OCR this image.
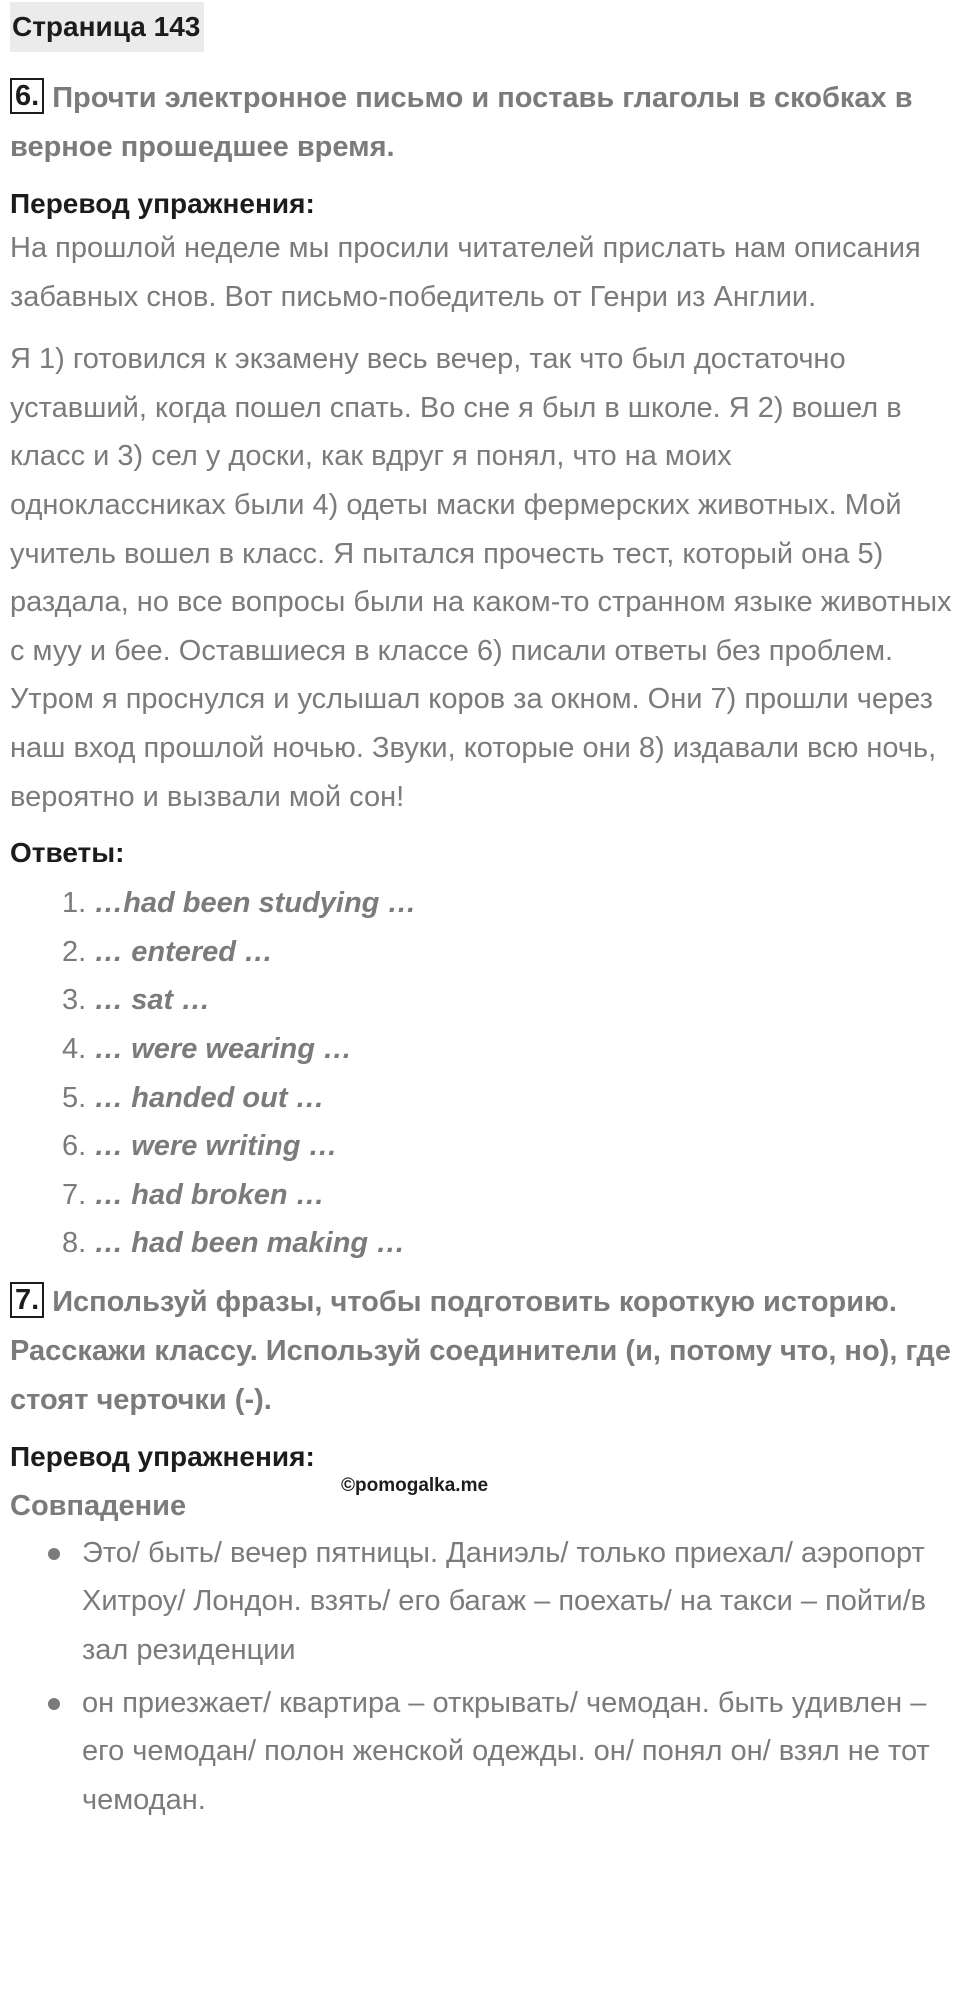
Страница 143
6. Прочти электронное письмо и поставь глаголы в скобках в верное прошедшее время.
Перевод упражнения:

На прошлой неделе мы просили читателей прислать нам описания забавных снов. Вот письмо-победитель от Генри из Англии.

Я 1) готовился к экзамену весь вечер, так что был достаточно уставший, когда пошел спать. Во сне я был в школе. Я 2) вошел в класс и 3) сел у доски, как вдруг я понял, что на моих одноклассниках были 4) одеты маски фермерских животных. Мой учитель вошел в класс. Я пытался прочесть тест, который она 5) раздала, но все вопросы были на каком-то странном языке животных с муу и бее. Оставшиеся в классе 6) писали ответы без проблем. Утром я проснулся и услышал коров за окном. Они 7) прошли через наш вход прошлой ночью. Звуки, которые они 8) издавали всю ночь, вероятно и вызвали мой сон!

Ответы:
1. …had been studying …
2. … entered …
3. … sat …
4. … were wearing …
5. … handed out …
6. … were writing …
7. … had broken …
8. … had been making …
7. Используй фразы, чтобы подготовить короткую историю. Расскажи классу. Используй соединители (и, потому что, но), где стоят черточки (-).
Перевод упражнения:
Совпадение
©pomogalka.me
Это/ быть/ вечер пятницы. Даниэль/ только приехал/ аэропорт Хитроу/ Лондон. взять/ его багаж – поехать/ на такси – пойти/в зал резиденции
он приезжает/ квартира – открывать/ чемодан. быть удивлен – его чемодан/ полон женской одежды. он/ понял он/ взял не тот чемодан.
